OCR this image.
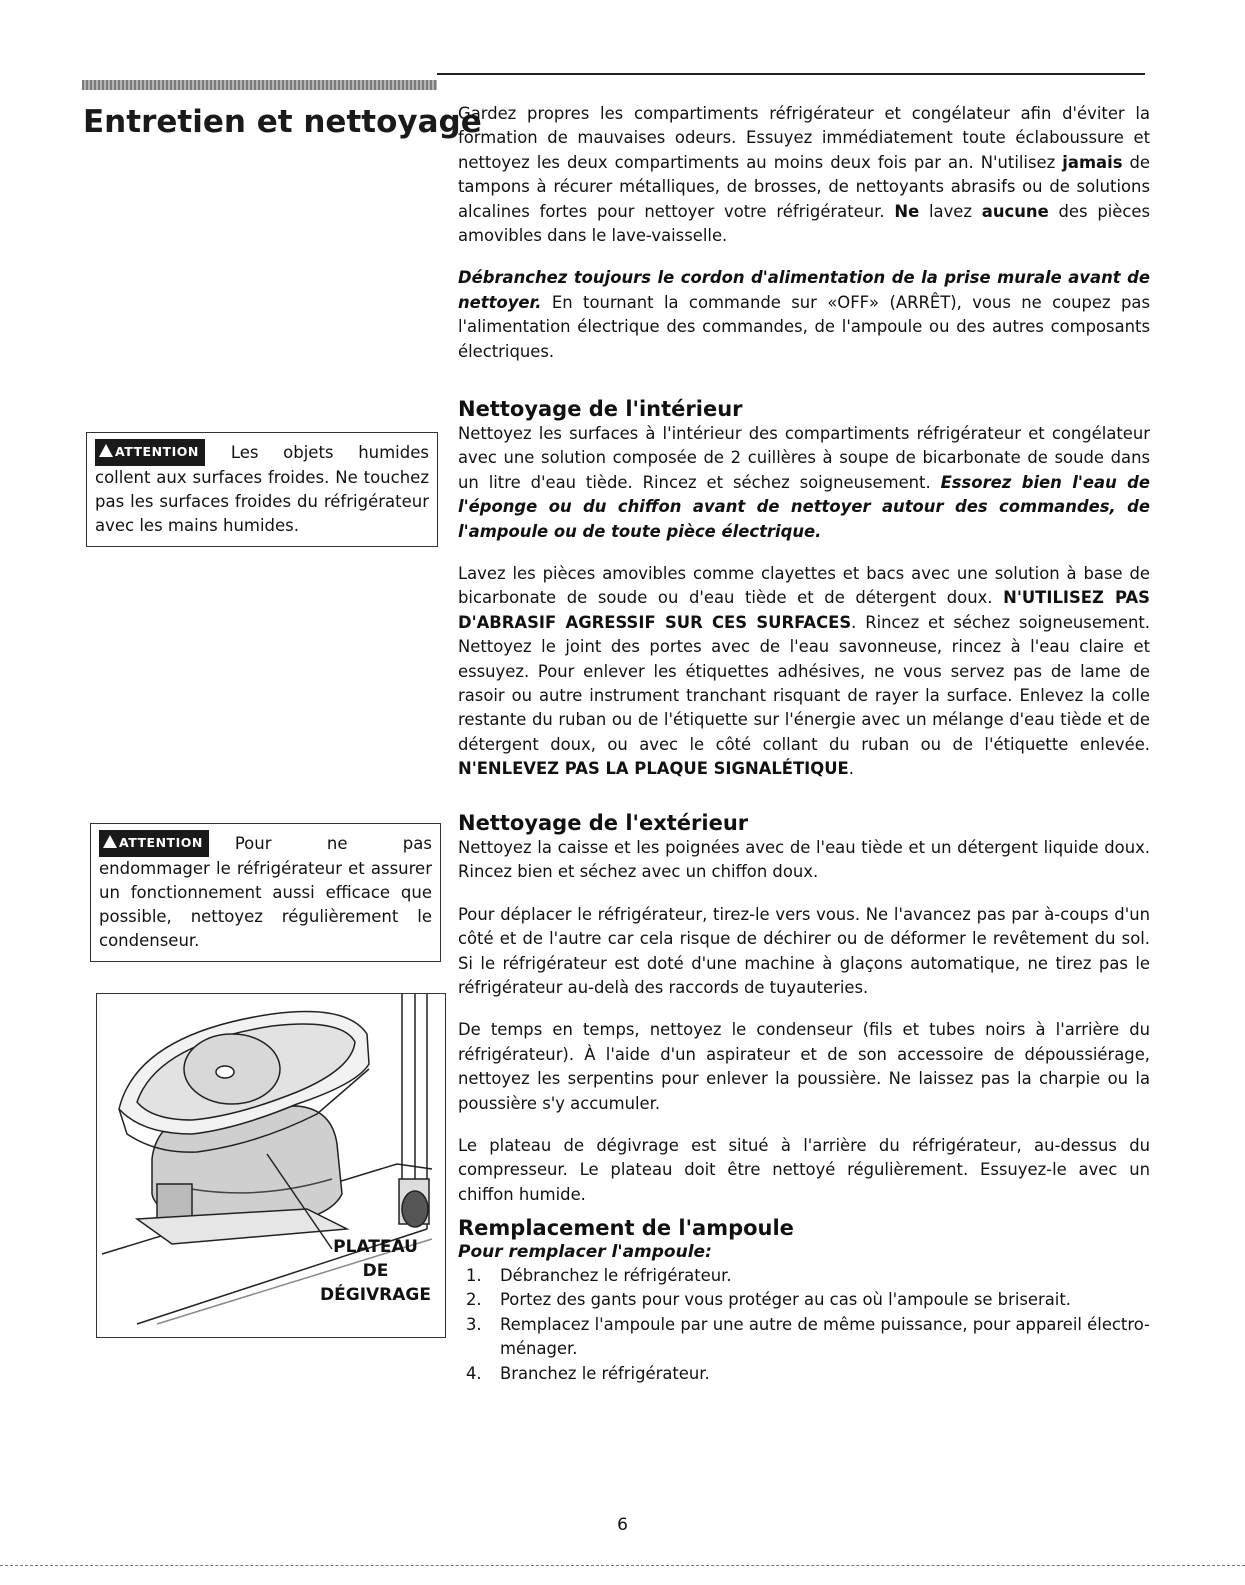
Entretien et nettoyage
ATTENTION Les objets humides collent aux surfaces froides. Ne touchez pas les surfaces froides du réfrigérateur avec les mains humides.
ATTENTION Pour ne pas endommager le réfrigérateur et assurer un fonctionnement aussi efficace que possible, nettoyez régulièrement le condenseur.
PLATEAU
DE
DÉGIVRAGE

Gardez propres les compartiments réfrigérateur et congélateur afin d'éviter la formation de mauvaises odeurs. Essuyez immédiatement toute éclaboussure et nettoyez les deux compartiments au moins deux fois par an. N'utilisez jamais de tampons à récurer métalliques, de brosses, de nettoyants abrasifs ou de solutions alcalines fortes pour nettoyer votre réfrigérateur. Ne lavez aucune des pièces amovibles dans le lave-vaisselle.

Débranchez toujours le cordon d'alimentation de la prise murale avant de nettoyer. En tournant la commande sur «OFF» (ARRÊT), vous ne coupez pas l'alimentation électrique des commandes, de l'ampoule ou des autres composants électriques.

Nettoyage de l'intérieur

Nettoyez les surfaces à l'intérieur des compartiments réfrigérateur et congélateur avec une solution composée de 2 cuillères à soupe de bicarbonate de soude dans un litre d'eau tiède. Rincez et séchez soigneusement. Essorez bien l'eau de l'éponge ou du chiffon avant de nettoyer autour des commandes, de l'ampoule ou de toute pièce électrique.

Lavez les pièces amovibles comme clayettes et bacs avec une solution à base de bicarbonate de soude ou d'eau tiède et de détergent doux. N'UTILISEZ PAS D'ABRASIF AGRESSIF SUR CES SURFACES. Rincez et séchez soigneusement. Nettoyez le joint des portes avec de l'eau savonneuse, rincez à l'eau claire et essuyez. Pour enlever les étiquettes adhésives, ne vous servez pas de lame de rasoir ou autre instrument tranchant risquant de rayer la surface. Enlevez la colle restante du ruban ou de l'étiquette sur l'énergie avec un mélange d'eau tiède et de détergent doux, ou avec le côté collant du ruban ou de l'étiquette enlevée. N'ENLEVEZ PAS LA PLAQUE SIGNALÉTIQUE.

Nettoyage de l'extérieur

Nettoyez la caisse et les poignées avec de l'eau tiède et un détergent liquide doux. Rincez bien et séchez avec un chiffon doux.

Pour déplacer le réfrigérateur, tirez-le vers vous. Ne l'avancez pas par à-coups d'un côté et de l'autre car cela risque de déchirer ou de déformer le revêtement du sol. Si le réfrigérateur est doté d'une machine à glaçons automatique, ne tirez pas le réfrigérateur au-delà des raccords de tuyauteries.

De temps en temps, nettoyez le condenseur (fils et tubes noirs à l'arrière du réfrigérateur). À l'aide d'un aspirateur et de son accessoire de dépoussiérage, nettoyez les serpentins pour enlever la poussière. Ne laissez pas la charpie ou la poussière s'y accumuler.

Le plateau de dégivrage est situé à l'arrière du réfrigérateur, au-dessus du compresseur. Le plateau doit être nettoyé régulièrement. Essuyez-le avec un chiffon humide.

Remplacement de l'ampoule
Pour remplacer l'ampoule:
1. Débranchez le réfrigérateur.
2. Portez des gants pour vous protéger au cas où l'ampoule se briserait.
3. Remplacez l'ampoule par une autre de même puissance, pour appareil électro-ménager.
4. Branchez le réfrigérateur.
6
